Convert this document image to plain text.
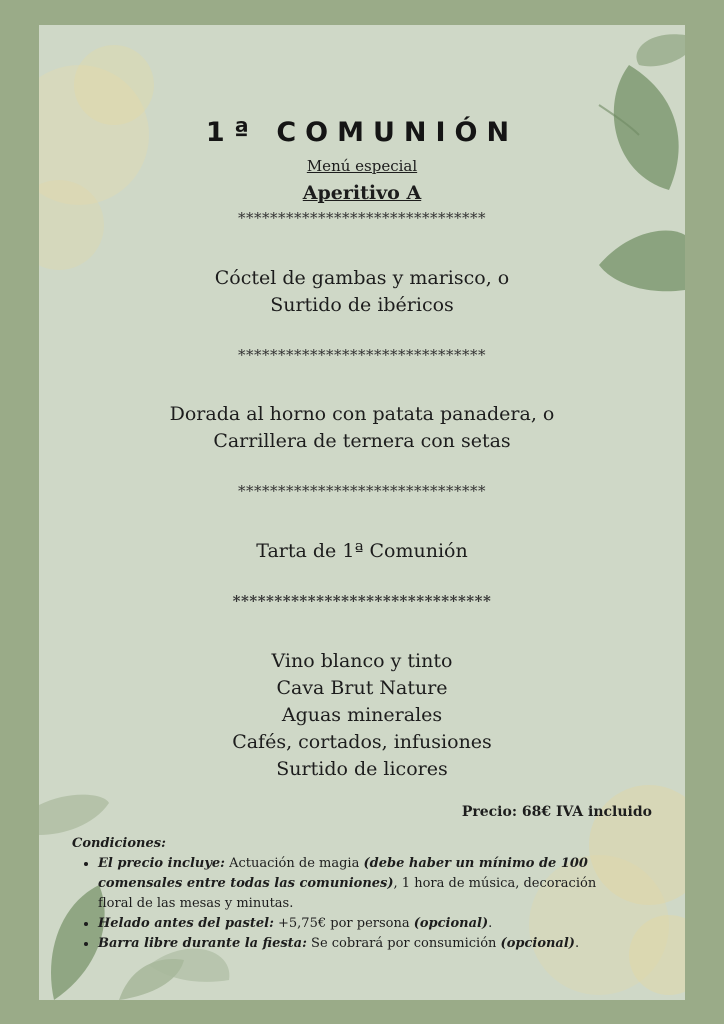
1ª COMUNIÓN
Menú especial
Aperitivo A
*******************************
Cóctel de gambas y marisco, o
Surtido de ibéricos
*******************************
Dorada al horno con patata panadera, o
Carrillera de ternera con setas
*******************************
Tarta de 1ª Comunión
*******************************
Vino blanco y tinto
Cava Brut Nature
Aguas minerales
Cafés, cortados, infusiones
Surtido de licores
Precio: 68€ IVA incluido
Condiciones:
• El precio incluye: Actuación de magia (debe haber un mínimo de 100 comensales entre todas las comuniones), 1 hora de música, decoración floral de las mesas y minutas.
• Helado antes del pastel: +5,75€ por persona (opcional).
• Barra libre durante la fiesta: Se cobrará por consumición (opcional).
